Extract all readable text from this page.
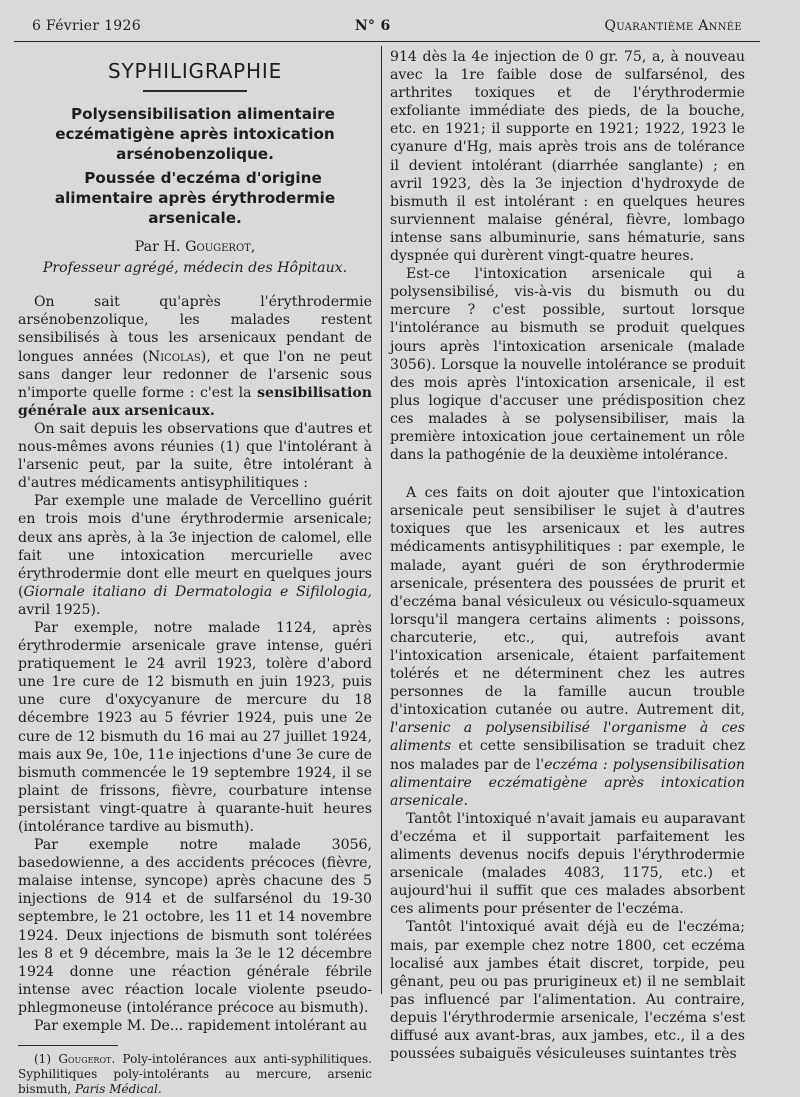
6 Février 1926	N° 6	Quarantième Année
SYPHILIGRAPHIE

Polysensibilisation alimentaire eczématigène après intoxication arsénobenzolique.

Poussée d'eczéma d'origine alimentaire après érythrodermie arsenicale.

Par H. Gougerot,
Professeur agrégé, médecin des Hôpitaux.

On sait qu'après l'érythrodermie arsénobenzolique, les malades restent sensibilisés à tous les arsenicaux pendant de longues années (Nicolas), et que l'on ne peut sans danger leur redonner de l'arsenic sous n'importe quelle forme : c'est la sensibilisation générale aux arsenicaux.

On sait depuis les observations que d'autres et nous-mêmes avons réunies (1) que l'intolérant à l'arsenic peut, par la suite, être intolérant à d'autres médicaments antisyphilitiques :

Par exemple une malade de Vercellino guérit en trois mois d'une érythrodermie arsenicale; deux ans après, à la 3e injection de calomel, elle fait une intoxication mercurielle avec érythrodermie dont elle meurt en quelques jours (Giornale italiano di Dermatologia e Sifilologia, avril 1925).

Par exemple, notre malade 1124, après érythrodermie arsenicale grave intense, guéri pratiquement le 24 avril 1923, tolère d'abord une 1re cure de 12 bismuth en juin 1923, puis une cure d'oxycyanure de mercure du 18 décembre 1923 au 5 février 1924, puis une 2e cure de 12 bismuth du 16 mai au 27 juillet 1924, mais aux 9e, 10e, 11e injections d'une 3e cure de bismuth commencée le 19 septembre 1924, il se plaint de frissons, fièvre, courbature intense persistant vingt-quatre à quarante-huit heures (intolérance tardive au bismuth).

Par exemple notre malade 3056, basedowienne, a des accidents précoces (fièvre, malaise intense, syncope) après chacune des 5 injections de 914 et de sulfarsénol du 19-30 septembre, le 21 octobre, les 11 et 14 novembre 1924. Deux injections de bismuth sont tolérées les 8 et 9 décembre, mais la 3e le 12 décembre 1924 donne une réaction générale fébrile intense avec réaction locale violente pseudo-phlegmoneuse (intolérance précoce au bismuth).

Par exemple M. De... rapidement intolérant au

(1) Gougerot. Poly-intolérances aux anti-syphilitiques. Syphilitiques poly-intolérants au mercure, arsenic bismuth, Paris Médical.

914 dès la 4e injection de 0 gr. 75, a, à nouveau avec la 1re faible dose de sulfarsénol, des arthrites toxiques et de l'érythrodermie exfoliante immédiate des pieds, de la bouche, etc. en 1921; il supporte en 1921; 1922, 1923 le cyanure d'Hg, mais après trois ans de tolérance il devient intolérant (diarrhée sanglante) ; en avril 1923, dès la 3e injection d'hydroxyde de bismuth il est intolérant : en quelques heures surviennent malaise général, fièvre, lombago intense sans albuminurie, sans hématurie, sans dyspnée qui durèrent vingt-quatre heures.

Est-ce l'intoxication arsenicale qui a polysensibilisé, vis-à-vis du bismuth ou du mercure ? c'est possible, surtout lorsque l'intolérance au bismuth se produit quelques jours après l'intoxication arsenicale (malade 3056). Lorsque la nouvelle intolérance se produit des mois après l'intoxication arsenicale, il est plus logique d'accuser une prédisposition chez ces malades à se polysensibiliser, mais la première intoxication joue certainement un rôle dans la pathogénie de la deuxième intolérance.

A ces faits on doit ajouter que l'intoxication arsenicale peut sensibiliser le sujet à d'autres toxiques que les arsenicaux et les autres médicaments antisyphilitiques : par exemple, le malade, ayant guéri de son érythrodermie arsenicale, présentera des poussées de prurit et d'eczéma banal vésiculeux ou vésiculo-squameux lorsqu'il mangera certains aliments : poissons, charcuterie, etc., qui, autrefois avant l'intoxication arsenicale, étaient parfaitement tolérés et ne déterminent chez les autres personnes de la famille aucun trouble d'intoxication cutanée ou autre. Autrement dit, l'arsenic a polysensibilisé l'organisme à ces aliments et cette sensibilisation se traduit chez nos malades par de l'eczéma : polysensibilisation alimentaire eczématigène après intoxication arsenicale.

Tantôt l'intoxiqué n'avait jamais eu auparavant d'eczéma et il supportait parfaitement les aliments devenus nocifs depuis l'érythrodermie arsenicale (malades 4083, 1175, etc.) et aujourd'hui il suffit que ces malades absorbent ces aliments pour présenter de l'eczéma.

Tantôt l'intoxiqué avait déjà eu de l'eczéma; mais, par exemple chez notre 1800, cet eczéma localisé aux jambes était discret, torpide, peu gênant, peu ou pas prurigineux et) il ne semblait pas influencé par l'alimentation. Au contraire, depuis l'érythrodermie arsenicale, l'eczéma s'est diffusé aux avant-bras, aux jambes, etc., il a des poussées subaiguës vésiculeuses suintantes très
